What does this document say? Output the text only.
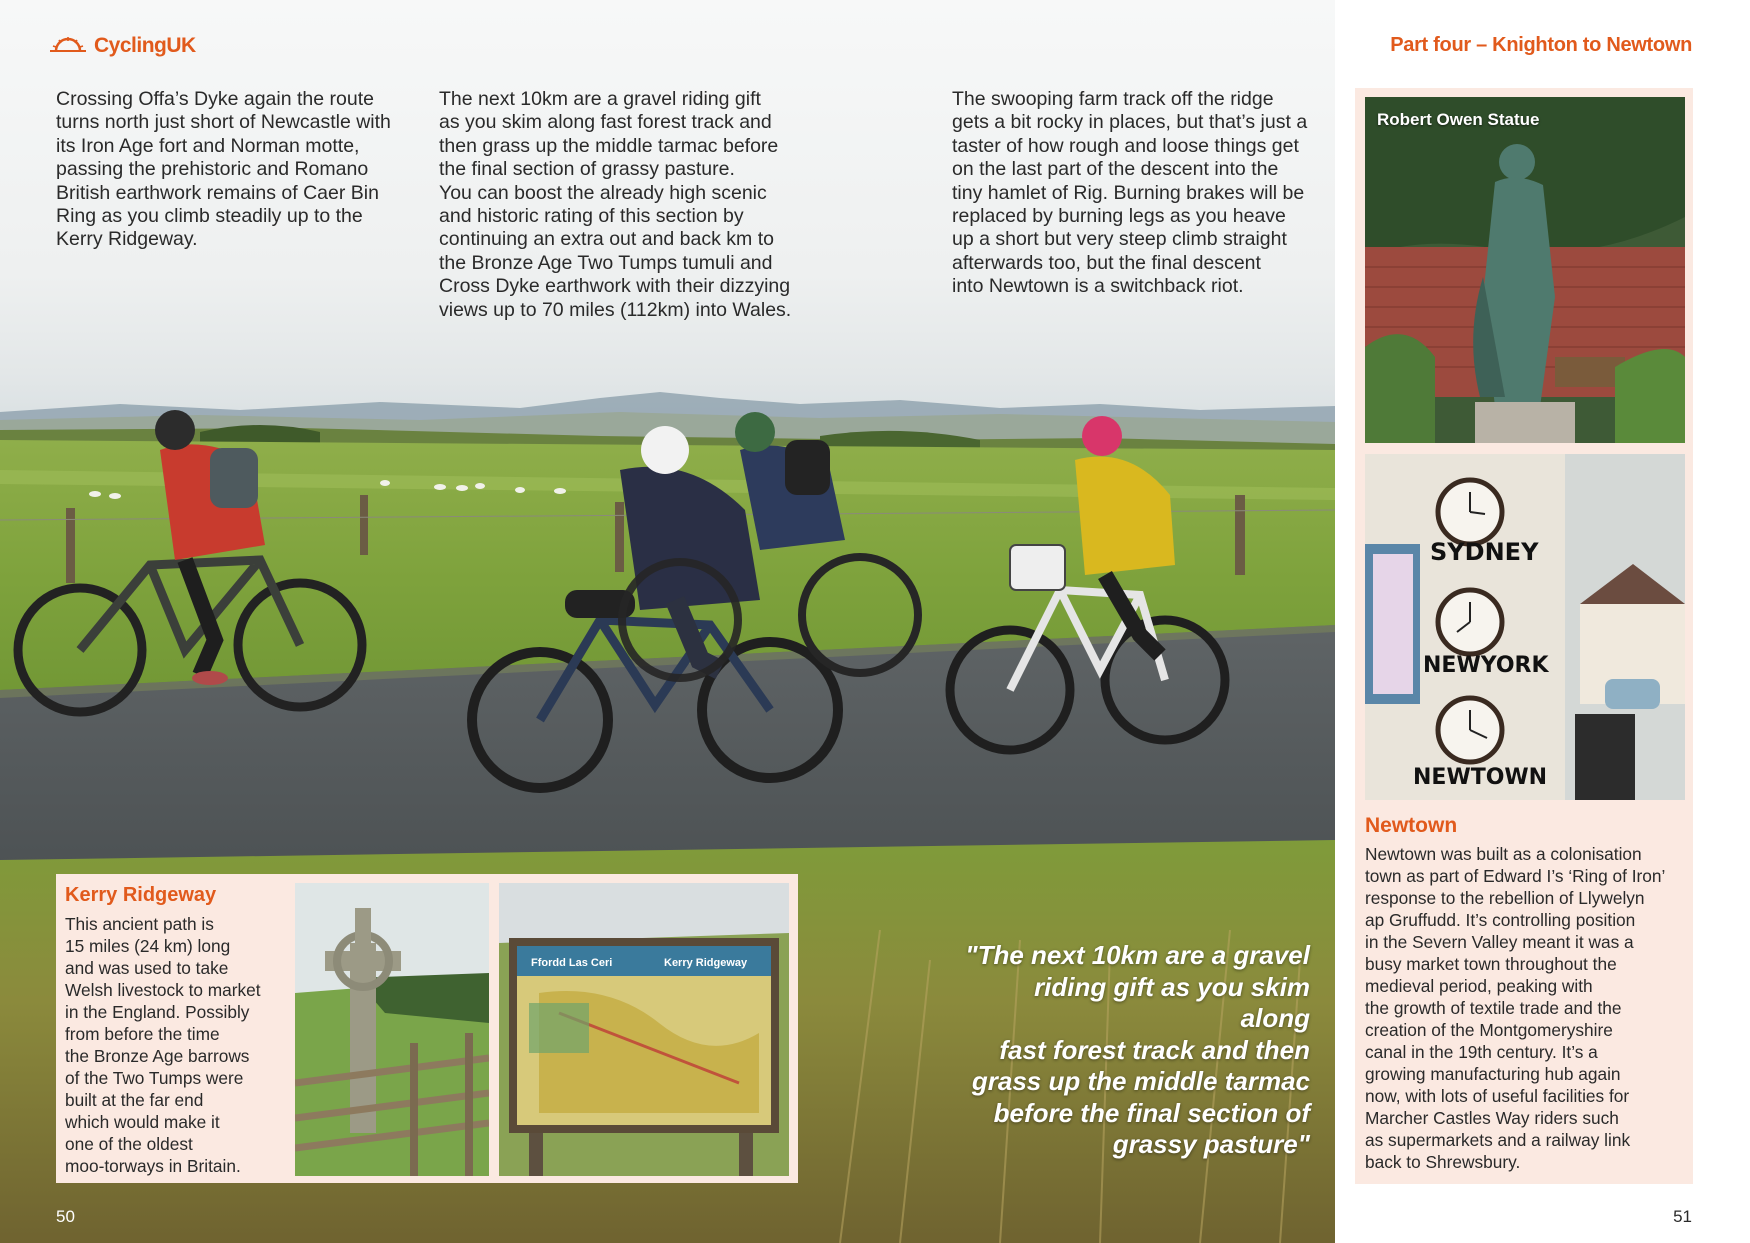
CyclingUK	Part four – Knighton to Newtown
Crossing Offa’s Dyke again the route
turns north just short of Newcastle with
its Iron Age fort and Norman motte,
passing the prehistoric and Romano
British earthwork remains of Caer Bin
Ring as you climb steadily up to the
Kerry Ridgeway.
The next 10km are a gravel riding gift
as you skim along fast forest track and
then grass up the middle tarmac before
the final section of grassy pasture.
You can boost the already high scenic
and historic rating of this section by
continuing an extra out and back km to
the Bronze Age Two Tumps tumuli and
Cross Dyke earthwork with their dizzying
views up to 70 miles (112km) into Wales.
The swooping farm track off the ridge
gets a bit rocky in places, but that’s just a
taster of how rough and loose things get
on the last part of the descent into the
tiny hamlet of Rig. Burning brakes will be
replaced by burning legs as you heave
up a short but very steep climb straight
afterwards too, but the final descent
into Newtown is a switchback riot.
"The next 10km are a gravel
riding gift as you skim along
fast forest track and then
grass up the middle tarmac
before the final section of
grassy pasture"
Kerry Ridgeway
This ancient path is
15 miles (24 km) long
and was used to take
Welsh livestock to market
in the England. Possibly
from before the time
the Bronze Age barrows
of the Two Tumps were
built at the far end
which would make it
one of the oldest
moo-torways in Britain.
Ffordd Las Ceri	Kerry Ridgeway
Robert Owen Statue
SYDNEY
NEWYORK
NEWTOWN
Newtown
Newtown was built as a colonisation
town as part of Edward I’s ‘Ring of Iron’
response to the rebellion of Llywelyn
ap Gruffudd. It’s controlling position
in the Severn Valley meant it was a
busy market town throughout the
medieval period, peaking with
the growth of textile trade and the
creation of the Montgomeryshire
canal in the 19th century. It’s a
growing manufacturing hub again
now, with lots of useful facilities for
Marcher Castles Way riders such
as supermarkets and a railway link
back to Shrewsbury.
50	51
